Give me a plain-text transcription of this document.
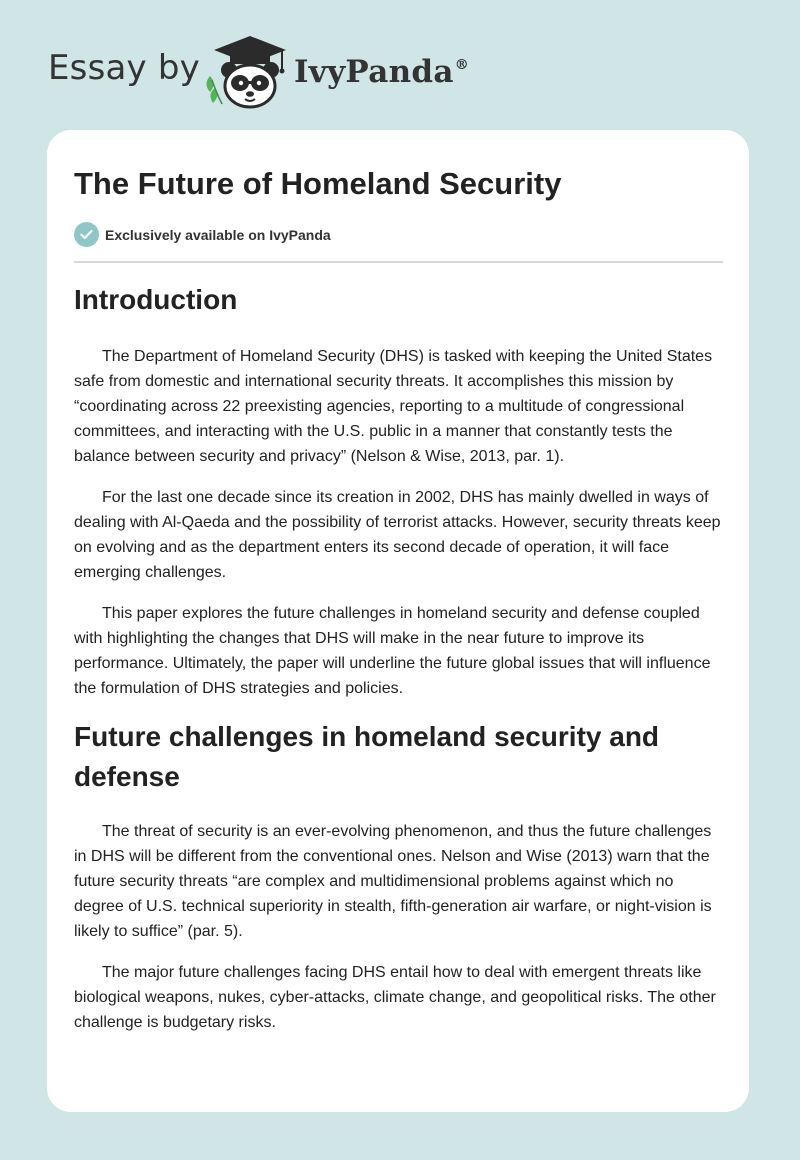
Essay by	IvyPanda®
The Future of Homeland Security
Exclusively available on IvyPanda
Introduction

The Department of Homeland Security (DHS) is tasked with keeping the United States safe from domestic and international security threats. It accomplishes this mission by “coordinating across 22 preexisting agencies, reporting to a multitude of congressional committees, and interacting with the U.S. public in a manner that constantly tests the balance between security and privacy” (Nelson & Wise, 2013, par. 1).

For the last one decade since its creation in 2002, DHS has mainly dwelled in ways of dealing with Al-Qaeda and the possibility of terrorist attacks. However, security threats keep on evolving and as the department enters its second decade of operation, it will face emerging challenges.

This paper explores the future challenges in homeland security and defense coupled with highlighting the changes that DHS will make in the near future to improve its performance. Ultimately, the paper will underline the future global issues that will influence the formulation of DHS strategies and policies.

Future challenges in homeland security and defense

The threat of security is an ever-evolving phenomenon, and thus the future challenges in DHS will be different from the conventional ones. Nelson and Wise (2013) warn that the future security threats “are complex and multidimensional problems against which no degree of U.S. technical superiority in stealth, fifth-generation air warfare, or night-vision is likely to suffice” (par. 5).

The major future challenges facing DHS entail how to deal with emergent threats like biological weapons, nukes, cyber-attacks, climate change, and geopolitical risks. The other challenge is budgetary risks.
